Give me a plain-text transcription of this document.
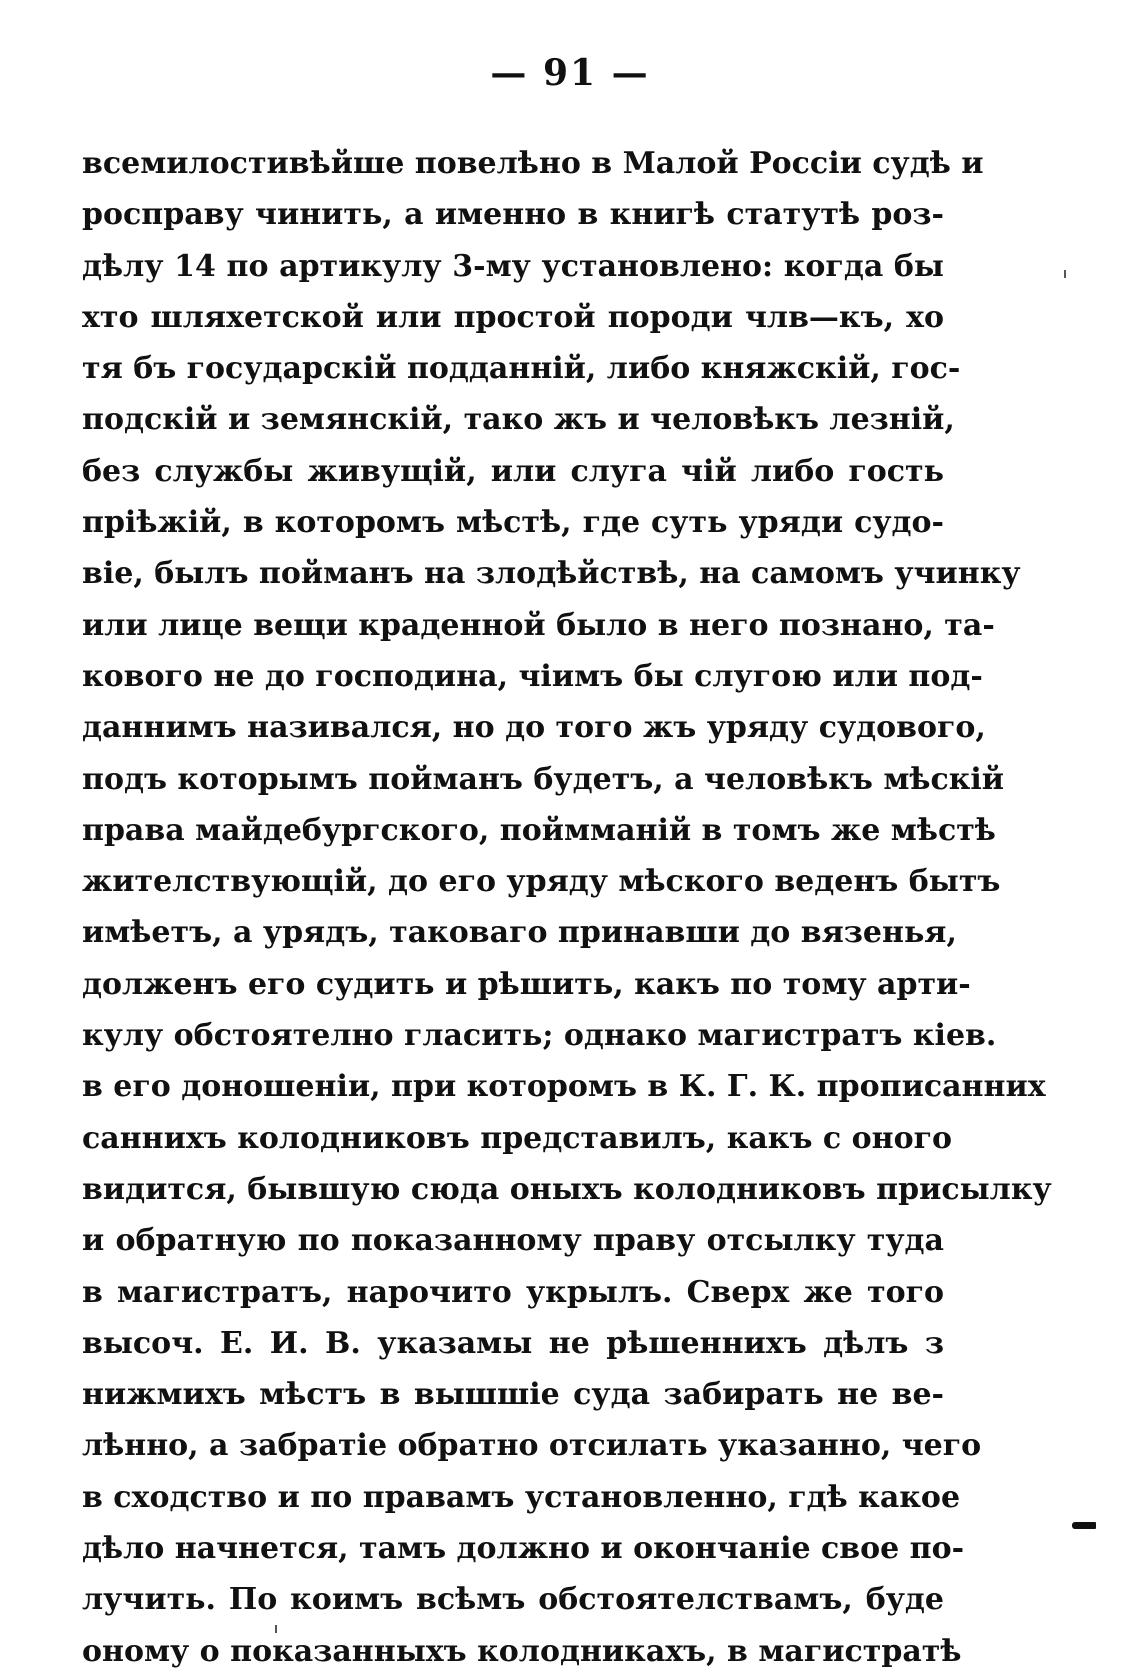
— 91 —
всемилостивѣйше повелѣно в Малой Россіи судѣ и
росправу чинить, а именно в книгѣ статутѣ роз-
дѣлу 14 по артикулу 3-му установлено: когда бы
хто шляхетской или простой породи члв—къ, хо
тя бъ государскій подданній, либо княжскій, гос-
подскій и земянскій, тако жъ и человѣкъ лезній,
без службы живущій, или слуга чій либо гость
пріѣжій, в которомъ мѣстѣ, где суть уряди судо-
віе, былъ пойманъ на злодѣйствѣ, на самомъ учинку
или лице вещи краденной было в него познано, та-
кового не до господина, чіимъ бы слугою или под-
даннимъ називался, но до того жъ уряду судового,
подъ которымъ пойманъ будетъ, а человѣкъ мѣскій
права майдебургского, поймманій в томъ же мѣстѣ
жителствующій, до его уряду мѣского веденъ бытъ
имѣетъ, а урядъ, таковаго принавши до вязенья,
долженъ его судить и рѣшить, какъ по тому арти-
кулу обстоятелно гласить; однако магистратъ кіев.
в его доношеніи, при которомъ в К. Г. К. прописанних
санниxъ колодниковъ представилъ, какъ с оного
видится, бывшую сюда оныхъ колодниковъ присылку
и обратную по показанному праву отсылку туда
в магистратъ, нарочито укрылъ. Сверх же того
высоч. Е. И. В. указамы не рѣшеннихъ дѣлъ з
нижмихъ мѣстъ в вышшіе суда забирать не ве-
лѣнно, а забратіе обратно отсилать указанно, чего
в сходство и по правамъ установленно, гдѣ какое
дѣло начнется, тамъ должно и окончаніе свое по-
лучить. По коимъ всѣмъ обстоятелствамъ, буде
оному о показанныхъ колодникахъ, в магистратѣ
